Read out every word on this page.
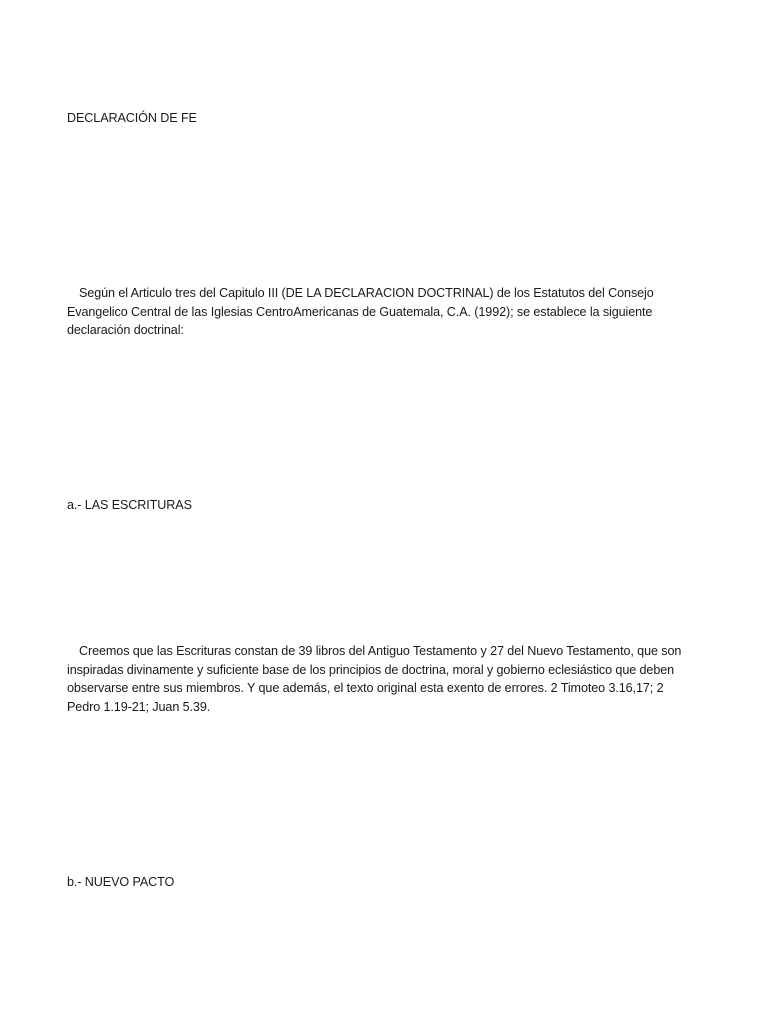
DECLARACIÓN DE FE

Según el Articulo tres del Capitulo III (DE LA DECLARACION DOCTRINAL) de los Estatutos del Consejo Evangelico Central de las Iglesias CentroAmericanas de Guatemala, C.A. (1992); se establece la siguiente declaración doctrinal:

a.- LAS ESCRITURAS

Creemos que las Escrituras constan de 39 libros del Antiguo Testamento y 27 del Nuevo Testamento, que son inspiradas divinamente y suficiente base de los principios de doctrina, moral y gobierno eclesiástico que deben observarse entre sus miembros. Y que además, el texto original esta exento de errores. 2 Timoteo 3.16,17; 2 Pedro 1.19-21; Juan 5.39.

b.- NUEVO PACTO
